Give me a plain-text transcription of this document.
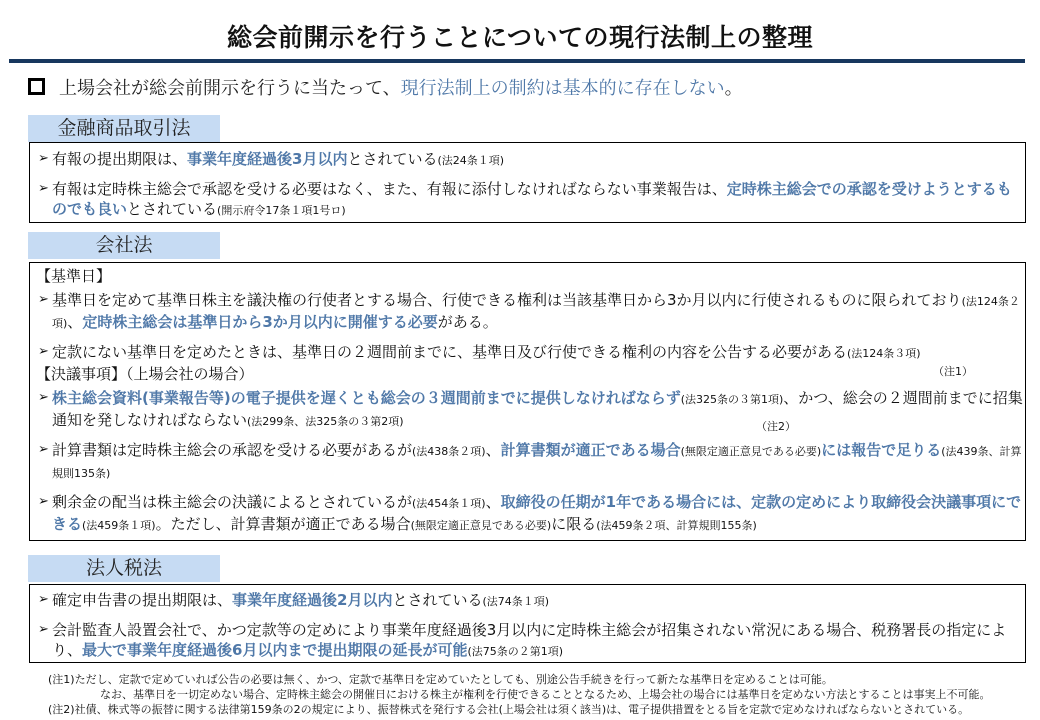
総会前開示を行うことについての現行法制上の整理
上場会社が総会前開示を行うに当たって、現行法制上の制約は基本的に存在しない。
金融商品取引法
➢ 有報の提出期限は、事業年度経過後3月以内とされている(法24条１項)
➢ 有報は定時株主総会で承認を受ける必要はなく、また、有報に添付しなければならない事業報告は、定時株主総会での承認を受けようとするものでも良いとされている(開示府令17条１項1号ロ)
会社法
【基準日】
➢ 基準日を定めて基準日株主を議決権の行使者とする場合、行使できる権利は当該基準日から3か月以内に行使されるものに限られており(法124条２項)、定時株主総会は基準日から3か月以内に開催する必要がある。
➢ 定款にない基準日を定めたときは、基準日の２週間前までに、基準日及び行使できる権利の内容を公告する必要がある(法124条３項)
（注1）
【決議事項】（上場会社の場合）
➢ 株主総会資料(事業報告等)の電子提供を遅くとも総会の３週間前までに提供しなければならず(法325条の３第1項)、かつ、総会の２週間前までに招集通知を発しなければならない(法299条、法325条の３第2項)	（注2）
➢ 計算書類は定時株主総会の承認を受ける必要があるが(法438条２項)、計算書類が適正である場合(無限定適正意見である必要)には報告で足りる(法439条、計算規則135条)
➢ 剰余金の配当は株主総会の決議によるとされているが(法454条１項)、取締役の任期が1年である場合には、定款の定めにより取締役会決議事項にできる(法459条１項)。ただし、計算書類が適正である場合(無限定適正意見である必要)に限る(法459条２項、計算規則155条)
法人税法
➢ 確定申告書の提出期限は、事業年度経過後2月以内とされている(法74条１項)
➢ 会計監査人設置会社で、かつ定款等の定めにより事業年度経過後3月以内に定時株主総会が招集されない常況にある場合、税務署長の指定により、最大で事業年度経過後6月以内まで提出期限の延長が可能(法75条の２第1項)
(注1)ただし、定款で定めていれば公告の必要は無く、かつ、定款で基準日を定めていたとしても、別途公告手続きを行って新たな基準日を定めることは可能。
なお、基準日を一切定めない場合、定時株主総会の開催日における株主が権利を行使できることとなるため、上場会社の場合には基準日を定めない方法とすることは事実上不可能。
(注2)社債、株式等の振替に関する法律第159条の2の規定により、振替株式を発行する会社(上場会社は須く該当)は、電子提供措置をとる旨を定款で定めなければならないとされている。
